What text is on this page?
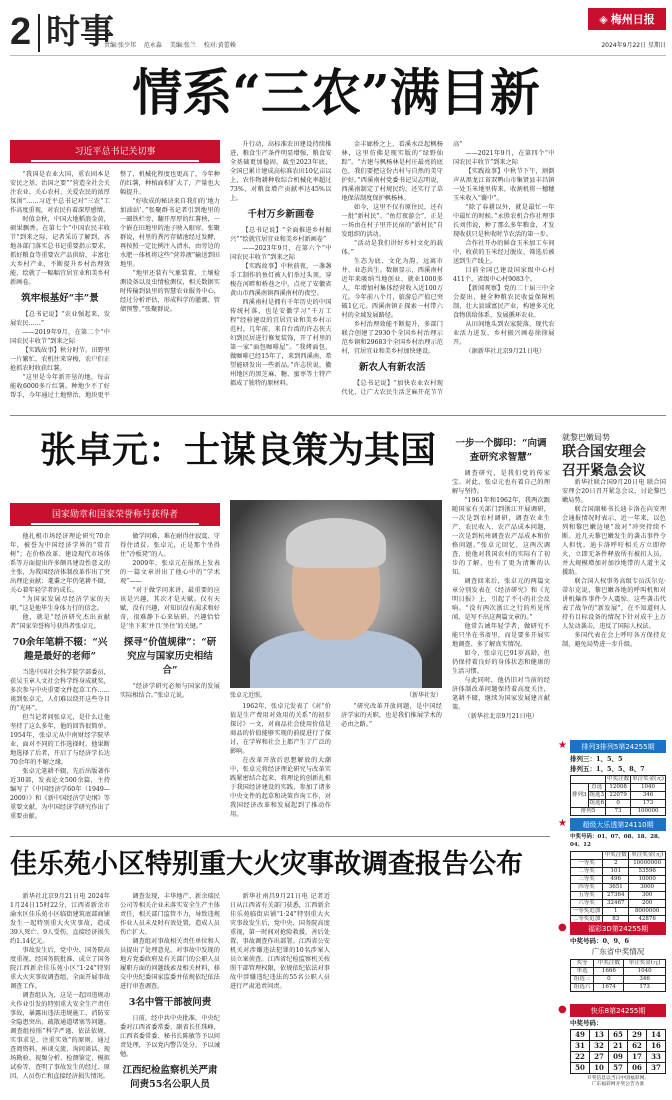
2 时事
责编:张少邦 范永淼 美编:张兰 校对:黄蕾赖
◈ 梅州日报
2024年9月22日 星期日
情系“三农”满目新
习近平总书记关切事

“我国是农业大国，重农固本是安民之基、治国之要”“营造全社会关注农业、关心农村、关爱农民的浓厚氛围”……习近平总书记对“三农”工作高度重视，对农民有着深厚感情。

时值金秋，中国大地稻浪金黄，硕果飘香。在第七个“中国农民丰收节”到来之际，记者采访了解到，各地各部门落实总书记重要指示要求，抓好粮食等重要农产品供给，丰富壮大乡村产业，不断提升乡村治理效能，绘就了一幅幅宜居宜业和美乡村新画卷。

筑牢根基好“丰”景

【总书记说】“农业强起来，发展农民……”

——2019年9月，在第二个“中国农民丰收节”到来之际

【实践故事】秋分时节，田野里一片繁忙，农机往来穿梭，农户们正抢抓农时收获红薯。

“这里是今年新开垦的地，每亩能收6000多斤红薯。种地少不了好帮手，今年通过土地整治，地块更平整了，机械化程度也更高了，今年种的红薯，种植面积扩大了，产量也大幅提升。

“好收成的秘诀来自我们的‘地力加油站’，”张聚群书记者引到地里的一圈铁栏旁，翻开厚厚的红薯秧，一个嵌在田地里的池子映入眼帘。张聚群说，村里的粪污存储池经过发酵，再按照一定比例注入清水，由旁边的水肥一体机将这些“营养液”输送到田地里。

“地里还装有气象装置、土壤检测设备以及虫情检测仪，相关数据实时传输到县里的智慧农业服务中心，经过分析评估，形成科学的灌溉、管储预警。”张聚群说。

升行动，高标准农田建设持续推进，粮食生产条件明显增强，粮食安全基础更加稳固。截至2023年底，全国已累计建成高标准农田10亿亩以上，农作物耕种收综合机械化率超过73%，对粮食增产贡献率达45%以上。

千村万乡新画卷

【总书记说】“全面推进乡村振兴”“绘就宜居宜业和美乡村新画卷”

——2023年9月，在第六个“中国农民丰收节”到来之际

【实践故事】中秋前夜，一盏盏手工制作的鱼灯被人们举过头顶，穿梭在河畔和桥巷之中，点亮了安徽省黄山市西溪南镇西溪南村的夜空。

西溪南村是拥有千年历史的中国传统村落，也是安徽学习“千万工程”经验建设的宜居宜业和美乡村示范村。几年前，来自台湾的许志侠夫妇到民居进行修复装饰，开了村里的第一家“面包咖啡屋”。“我烤面包、做咖啡已经15年了，来到西溪南，希望能研发出一些新品。”许志侠说，徽州地区的黑芝麻、糖、蜜枣等土特产都成了独特的原材料。

金丰廊桥之上，看溪水泛起枫杨林，这里仿佛是现实版的“绿野仙踪”。“古建与枫杨林是村庄最亮的底色，我们要把这份古村与自然的美守护好。”西溪南村党委书记吴志明说，西溪南制定了村规民约，还实行了草地保洁制度保护枫杨林。

如今，这里不仅有原住民，还有一批“新村民”。“鱼灯夜游会”，正是一场由在村子里开民宿的“新村民”自发组织的活动。

“活动是我们讲好乡村文化的载体。”

生态为底、文化为韵，远离市井、业态共生。数据显示，西溪南村近年来吸纳当地创业、就业1000多人，年增加村集体经营收入近100万元。今年前八个月，旅游总产值已突破1亿元。西溪南镇正探索一村带六村的全域发展路径。

乡村治理效能不断提升，多部门联合创建了2930个全国乡村治理示范乡镇和29683个全国乡村治理示范村，宜居宜业和美乡村加快建设。

新农人有新农活

【总书记说】“加快农业农村现代化，让广大农民生活芝麻开花节节高”

——2021年9月，在第四个“中国农民丰收节”到来之际

【实践故事】中秋节下午，割倒声从黑龙江省双鸭山市集贤县丰昌镇一处玉米地里传来，收割机将一穗穗玉米收入“囊中”。

“除了春耕以外，就是最忙一年中最忙的时候。”永胜农机合作社理事长刘伟说，种了那么多年粮食，才发现收获只是秋收时节农活的第一步。

合作社开办的鲜食玉米加工车间中，收获的玉米经过脱皮、筛选后被送到生产线上。

目前全国已建设国家级中心村411个、省级中心村9083个。

【新闻观察】党的二十届三中全会提出，健全种粮农民收益保障机制，壮大县域富民产业，构建多元化食物供给体系，发展循环农业。

从田间地头到农家院落，现代农业活力迸发，乡村振兴画卷徐徐展开。

（据新华社北京9月21日电）

张卓元：士谋良策为其国
国家勋章和国家荣誉称号获得者

他扎根市场经济理论研究70余年，被誉为中国经济学界的“常青树”；在价格改革、建设现代市场体系等方面提出许多颇具建设性意义的主张，为我国经济体制改革作出了突出理论贡献；耄耋之年仍笔耕不辍，关心着年轻学者的成长。

“为国家发展尽经济学家的天职，”这是他毕生身体力行的信念。

他，就是“经济研究杰出贡献者”国家荣誉称号获得者张卓元。

70余年笔耕不辍：“兴趣是最好的老师”

当选中国社会科学院学部委员，获吴玉章人文社会科学终身成就奖，多次参与中央重要文件起草工作……谈到张卓元，人们难以绕开这些夺目的“光环”。

但当记者问张卓元，是什么让他坚持了这么多年，他的回答很简单。1954年，张卓元从中南财经学院毕业，面对不同的工作选择时，他果断地选择了后者，开启了与经济学长达70余年的不解之缘。

张卓元笔耕不辍，先后出版著作近30部，发表论文500余篇，主持编写了《中国经济学60年（1949—2009）》和《新中国经济学史纲》等重要文献，为中国经济学研究作出了重要贡献。

做学问难，难在耐得住寂寞、守得住清贫。张卓元，正是那个坐得住“冷板凳”的人。

2009年，张卓元在报纸上发表的一篇文章讲出了他心中的“学术观”——

“对于做学问来讲，最重要的应该是兴趣，其次才是天赋。仅有天赋，没有兴趣，对知识没有渴求和好奇，很难静下心来钻研。兴趣恰恰是‘坐下来’并且‘坐住’的关键。”

探寻“价值规律”：“研究应与国家历史相结合”

“经济学研究必须与国家的发展实际相结合。”张卓元说。	张卓元近照。	（新华社发）

1962年，张卓元发表了《对“价值是生产费用对效用的关系”的初步探讨》一文，对商品社会使用价值是商品的价值能够实现的前提进行了探讨，在学界和社会上都产生了广泛的影响。

在改革开放后思想解放的大潮中，张卓元将经济理论研究与改革实践紧密结合起来，将理论的创新扎根于我国经济建设的实践，参加了诸多中央文件的起草和决策咨询工作，对我国经济改革和发展起到了推动作用。

“研究改革开放问题，是中国经济学家的天职，也是我们推展学术的必由之路。”

一步一个脚印：“向调查研究求智慧”

调查研究，是我们党的传家宝。对此，张卓元也有着自己的理解与坚持。

“1961年和1962年，我两次跟随国家有关部门到浙江开展调研，一次是到农村调研，调查农业生产、农民收入、农产品成本问题，一次是到杭州调查农产品成本和价格问题。”张卓元回忆，这两次调查，使他对我国农村的实际有了初步的了解，也有了更为清晰的认知。

调查回来后，张卓元的两篇文章分别发表在《经济研究》和《光明日报》上，引起了不小的社会反响。“没有两次浙江之行的所见所闻，是写不出这两篇文章的。”

他常告诫年轻学者，做研究不能只坐在书斋里，而是要多开展实地调查、多了解真实情况。

如今，张卓元已91岁高龄，但仍保持着良好的身体状态和健康的生活习惯。

与此同时，他仍旧对当前的经济体制改革问题保持着高度关注，笔耕不辍，继续为国家发展建言献策。

（新华社北京9月21日电）

就黎巴嫩局势
联合国安理会
召开紧急会议

新华社联合国9月20日电 联合国安理会20日召开紧急会议，讨论黎巴嫩局势。

联合国副秘书长迪卡洛在向安理会通报情况时表示，近一年来，以色列和黎巴嫩边境“敌对”冲突持续不断。近几天黎巴嫩发生的袭击事件令人担忧。迪卡洛呼吁相关方立即停火，立即无条件释放所有被扣人员，并大规模增加对加沙地带的人道主义援助。

联合国人权事务高级专员沃尔克·蒂尔克说，黎巴嫩各地的呼叫机和对讲机爆炸事件令人震惊。这些袭击代表了战争的“新发展”，在不知道何人持有目标设备的情况下针对成千上万人发动袭击，违反了国际人权法。

多国代表在会上呼吁各方保持克制，避免局势进一步升级。

★ 排列3排列5第24255期
排列三：1、5、5
排列五：1、5、5、8、7
		中奖注数	单注奖金(元)
排列3	直选	12008	1040
	组选3	22079	346
	组选6	0	173
排列5		73	100000
★ 超级大乐透第24110期
中奖号码：01、07、08、18、28、04、12
	中奖注数	单注奖金(元)
一等奖	2	10000000
二等奖	101	53596
三等奖	496	10000
四等奖	3651	3000
五等奖	27364	300
六等奖	32467	200
一等奖追加	1	8000000
二等奖追加	83	42876
●	福彩3D第24255期
中奖号码：0、9、6
广东省中奖情况
奖等	中奖注数	单注奖金(元)
单选	1666	1040
组选三	0	346
组选六	1674	173
●	快乐8第24255期
中奖号码：
49	13	65	29	14
31	32	21	62	16
22	27	09	17	33
50	10	57	06	37
开奖信息以当日中国福彩网、
广东福彩网开奖公告为准
佳乐苑小区特别重大火灾事故调查报告公布

新华社北京9月21日电 2024年1月24日15时22分，江西省新余市渝水区佳乐苑小区临街建筑底部商铺发生一起特别重大火灾事故，造成39人死亡、9人受伤，直接经济损失约1.14亿元。

事故发生后，党中央、国务院高度重视。经国务院批准，成立了国务院江西新余佳乐苑小区“1·24”特别重大火灾事故调查组，全面开展事故调查工作。

调查组认为，这是一起因违规动火作业引发的特别重大安全生产责任事故，暴露出违法违规施工、消防安全隐患突出、疏散通道堵塞等问题。调查组按照“科学严谨、依法依规、实事求是、注重实效”的原则，通过查阅资料、座谈交流、询问谈话、现场勘验、视频分析、检测鉴定、模拟试验等，查明了事故发生的经过、原因、人员伤亡和直接经济损失情况。

调查发现，丰华地产、新余瑞民公司等相关企业未落实安全生产主体责任，相关部门监管不力，导致违规作业人员未及时有效处置，造成人员伤亡扩大。

调查组对事故相关责任单位和人员提出了处理意见，对事故中发现的地方党委政府及有关部门的公职人员履职方面的问题线索及相关材料，移交中央纪委国家监委并依规依纪依法进行审查调查。

3名中管干部被问责

日前，经中共中央批准，中央纪委对江西省委常委、副省长任珠峰，江西省委常委、秘书长陈敏等予以问责处理，予以党内警告处分，予以诫勉。

江西纪检监察机关严肃问责55名公职人员

新华社南昌9月21日电 记者近日从江西省有关部门获悉，江西新余佳乐苑临街店铺“1·24”特别重大火灾事故发生后，党中央、国务院高度重视，第一时间对抢险救援、善后处置、事故调查作出部署。江西省公安机关对涉嫌违法犯罪的10名涉案人员立案侦查。江西省纪检监察机关按照干部管理权限，依规依纪依法对事故中涉嫌违纪违法的55名公职人员进行严肃追责问责。
